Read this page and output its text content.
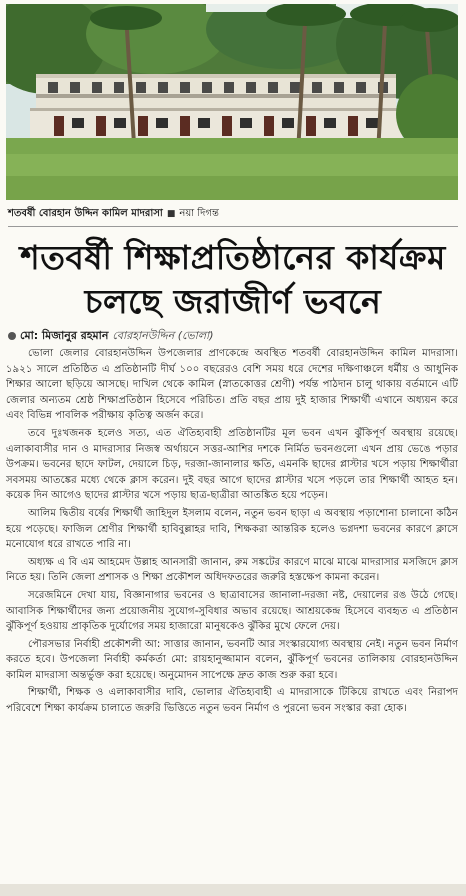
শতবর্ষী বোরহান উদ্দিন কামিল মাদরাসা ■ নয়া দিগন্ত
শতবর্ষী শিক্ষাপ্রতিষ্ঠানের কার্যক্রম
চলছে জরাজীর্ণ ভবনে
মো: মিজানুর রহমান বোরহানউদ্দিন (ভোলা)

ভোলা জেলার বোরহানউদ্দিন উপজেলার প্রাণকেন্দ্রে অবস্থিত শতবর্ষী বোরহানউদ্দিন কামিল মাদরাসা। ১৯২১ সালে প্রতিষ্ঠিত এ প্রতিষ্ঠানটি দীর্ঘ ১০০ বছরেরও বেশি সময় ধরে দেশের দক্ষিণাঞ্চলে ধর্মীয় ও আধুনিক শিক্ষার আলো ছড়িয়ে আসছে। দাখিল থেকে কামিল (স্নাতকোত্তর শ্রেণী) পর্যন্ত পাঠদান চালু থাকায় বর্তমানে এটি জেলার অন্যতম শ্রেষ্ঠ শিক্ষাপ্রতিষ্ঠান হিসেবে পরিচিত। প্রতি বছর প্রায় দুই হাজার শিক্ষার্থী এখানে অধ্যয়ন করে এবং বিভিন্ন পাবলিক পরীক্ষায় কৃতিত্ব অর্জন করে।

তবে দুঃখজনক হলেও সত্য, এত ঐতিহ্যবাহী প্রতিষ্ঠানটির মূল ভবন এখন ঝুঁকিপূর্ণ অবস্থায় রয়েছে। এলাকাবাসীর দান ও মাদরাসার নিজস্ব অর্থায়নে সত্তর-আশির দশকে নির্মিত ভবনগুলো এখন প্রায় ভেঙে পড়ার উপক্রম। ভবনের ছাদে ফাটল, দেয়ালে চিড়, দরজা-জানালার ক্ষতি, এমনকি ছাদের প্লাস্টার খসে পড়ায় শিক্ষার্থীরা সবসময় আতঙ্কের মধ্যে থেকে ক্লাস করেন। দুই বছর আগে ছাদের প্লাস্টার খসে পড়লে তার শিক্ষার্থী আহত হন। কয়েক দিন আগেও ছাদের প্লাস্টার খসে পড়ায় ছাত্র-ছাত্রীরা আতঙ্কিত হয়ে পড়েন।

আলিম দ্বিতীয় বর্ষের শিক্ষার্থী জাহিদুল ইসলাম বলেন, নতুন ভবন ছাড়া এ অবস্থায় পড়াশোনা চালানো কঠিন হয়ে পড়েছে। ফাজিল শ্রেণীর শিক্ষার্থী হাবিবুল্লাহর দাবি, শিক্ষকরা আন্তরিক হলেও ভগ্নদশা ভবনের কারণে ক্লাসে মনোযোগ ধরে রাখতে পারি না।

অধ্যক্ষ এ বি এম আহমেদ উল্লাহ আনসারী জানান, রুম সঙ্কটের কারণে মাঝে মাঝে মাদরাসার মসজিদে ক্লাস নিতে হয়। তিনি জেলা প্রশাসক ও শিক্ষা প্রকৌশল অধিদফতরের জরুরি হস্তক্ষেপ কামনা করেন।

সরেজমিনে দেখা যায়, বিজ্ঞানাগার ভবনের ও ছাত্রাবাসের জানালা-দরজা নষ্ট, দেয়ালের রঙ উঠে গেছে। আবাসিক শিক্ষার্থীদের জন্য প্রয়োজনীয় সুযোগ-সুবিধার অভাব রয়েছে। আশ্রয়কেন্দ্র হিসেবে ব্যবহৃত এ প্রতিষ্ঠান ঝুঁকিপূর্ণ হওয়ায় প্রাকৃতিক দুর্যোগের সময় হাজারো মানুষকেও ঝুঁকির মুখে ফেলে দেয়।

পৌরসভার নির্বাহী প্রকৌশলী আ: সাত্তার জানান, ভবনটি আর সংস্কারযোগ্য অবস্থায় নেই। নতুন ভবন নির্মাণ করতে হবে। উপজেলা নির্বাহী কর্মকর্তা মো: রায়হানুজ্জামান বলেন, ঝুঁকিপূর্ণ ভবনের তালিকায় বোরহানউদ্দিন কামিল মাদরাসা অন্তর্ভুক্ত করা হয়েছে। অনুমোদন সাপেক্ষে দ্রুত কাজ শুরু করা হবে।

শিক্ষার্থী, শিক্ষক ও এলাকাবাসীর দাবি, ভোলার ঐতিহ্যবাহী এ মাদরাসাকে টিকিয়ে রাখতে এবং নিরাপদ পরিবেশে শিক্ষা কার্যক্রম চালাতে জরুরি ভিত্তিতে নতুন ভবন নির্মাণ ও পুরনো ভবন সংস্কার করা হোক।
